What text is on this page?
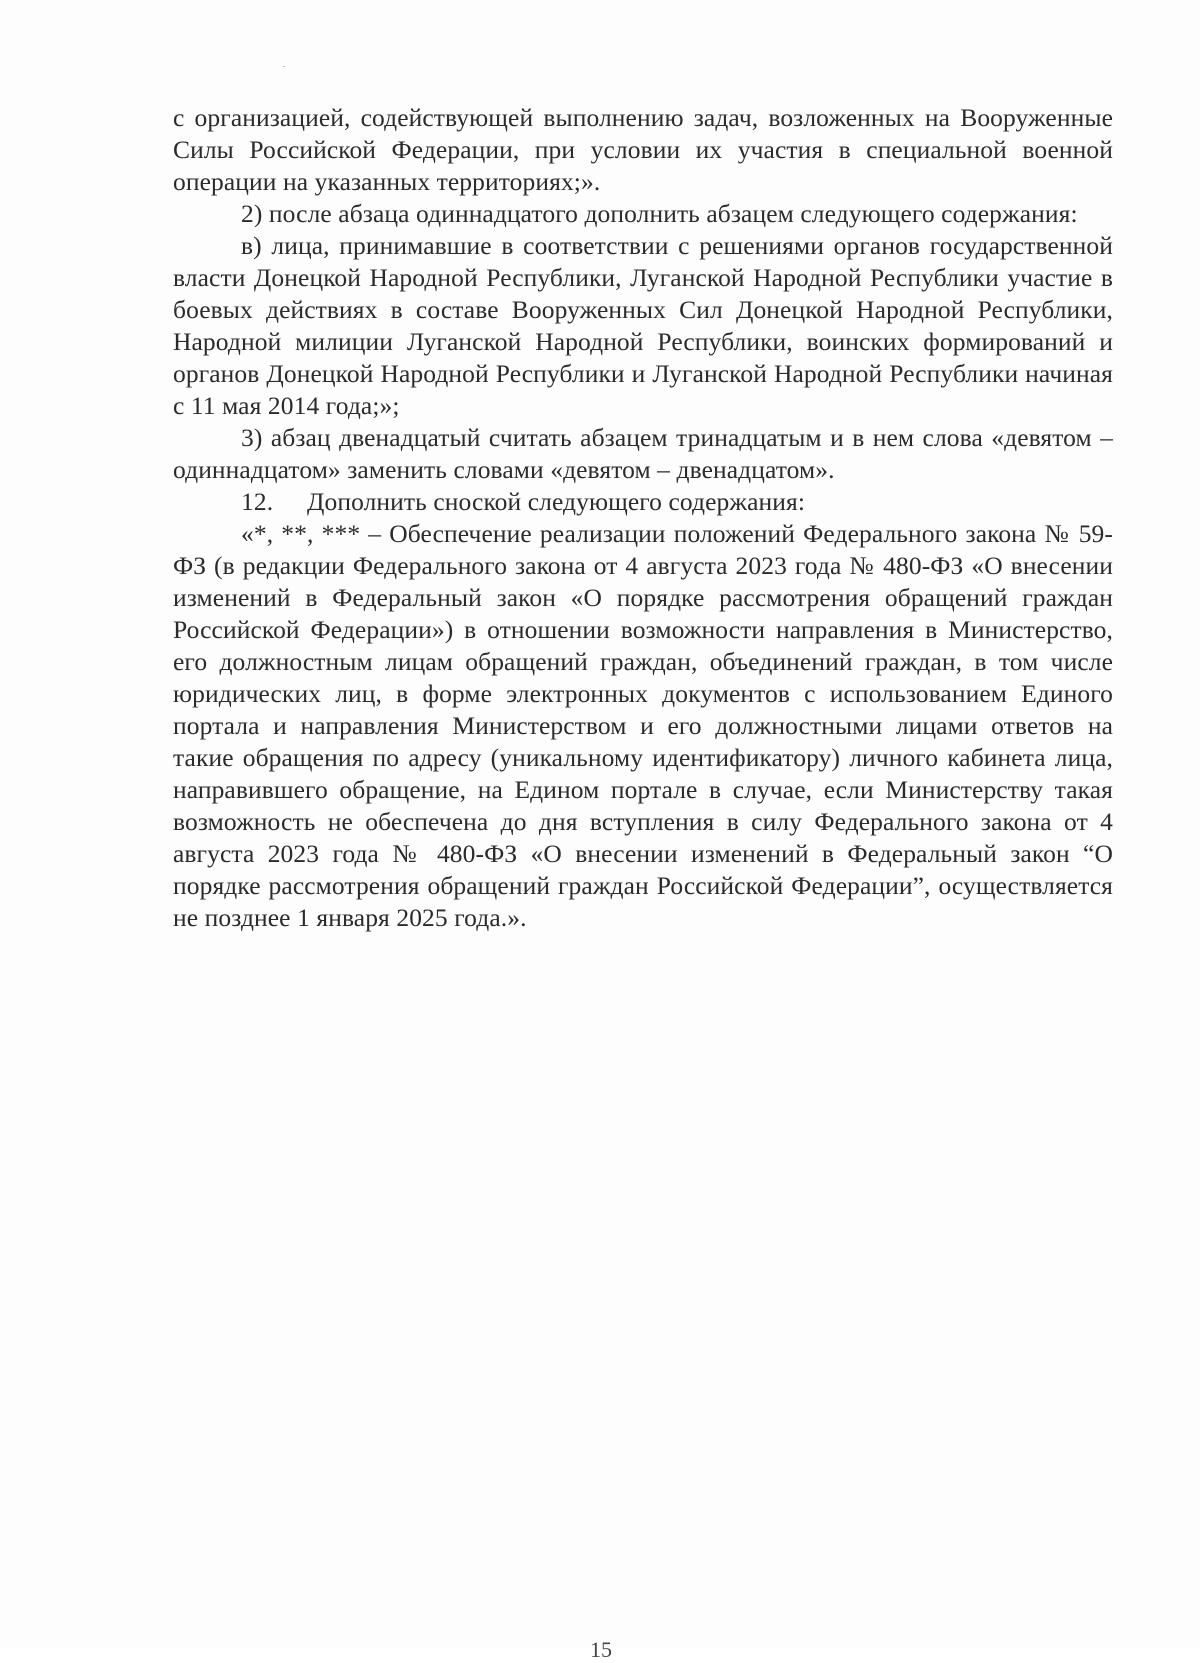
с организацией, содействующей выполнению задач, возложенных на Вооруженные Силы Российской Федерации, при условии их участия в специальной военной операции на указанных территориях;».

2) после абзаца одиннадцатого дополнить абзацем следующего содержания:

в) лица, принимавшие в соответствии с решениями органов государственной власти Донецкой Народной Республики, Луганской Народной Республики участие в боевых действиях в составе Вооруженных Сил Донецкой Народной Республики, Народной милиции Луганской Народной Республики, воинских формирований и органов Донецкой Народной Республики и Луганской Народной Республики начиная с 11 мая 2014 года;»;

3) абзац двенадцатый считать абзацем тринадцатым и в нем слова «девятом – одиннадцатом» заменить словами «девятом – двенадцатом».

12. Дополнить сноской следующего содержания:

«*, **, *** – Обеспечение реализации положений Федерального закона № 59-ФЗ (в редакции Федерального закона от 4 августа 2023 года № 480-ФЗ «О внесении изменений в Федеральный закон «О порядке рассмотрения обращений граждан Российской Федерации») в отношении возможности направления в Министерство, его должностным лицам обращений граждан, объединений граждан, в том числе юридических лиц, в форме электронных документов с использованием Единого портала и направления Министерством и его должностными лицами ответов на такие обращения по адресу (уникальному идентификатору) личного кабинета лица, направившего обращение, на Едином портале в случае, если Министерству такая возможность не обеспечена до дня вступления в силу Федерального закона от 4 августа 2023 года № 480-ФЗ «О внесении изменений в Федеральный закон “О порядке рассмотрения обращений граждан Российской Федерации”, осуществляется не позднее 1 января 2025 года.».

15
